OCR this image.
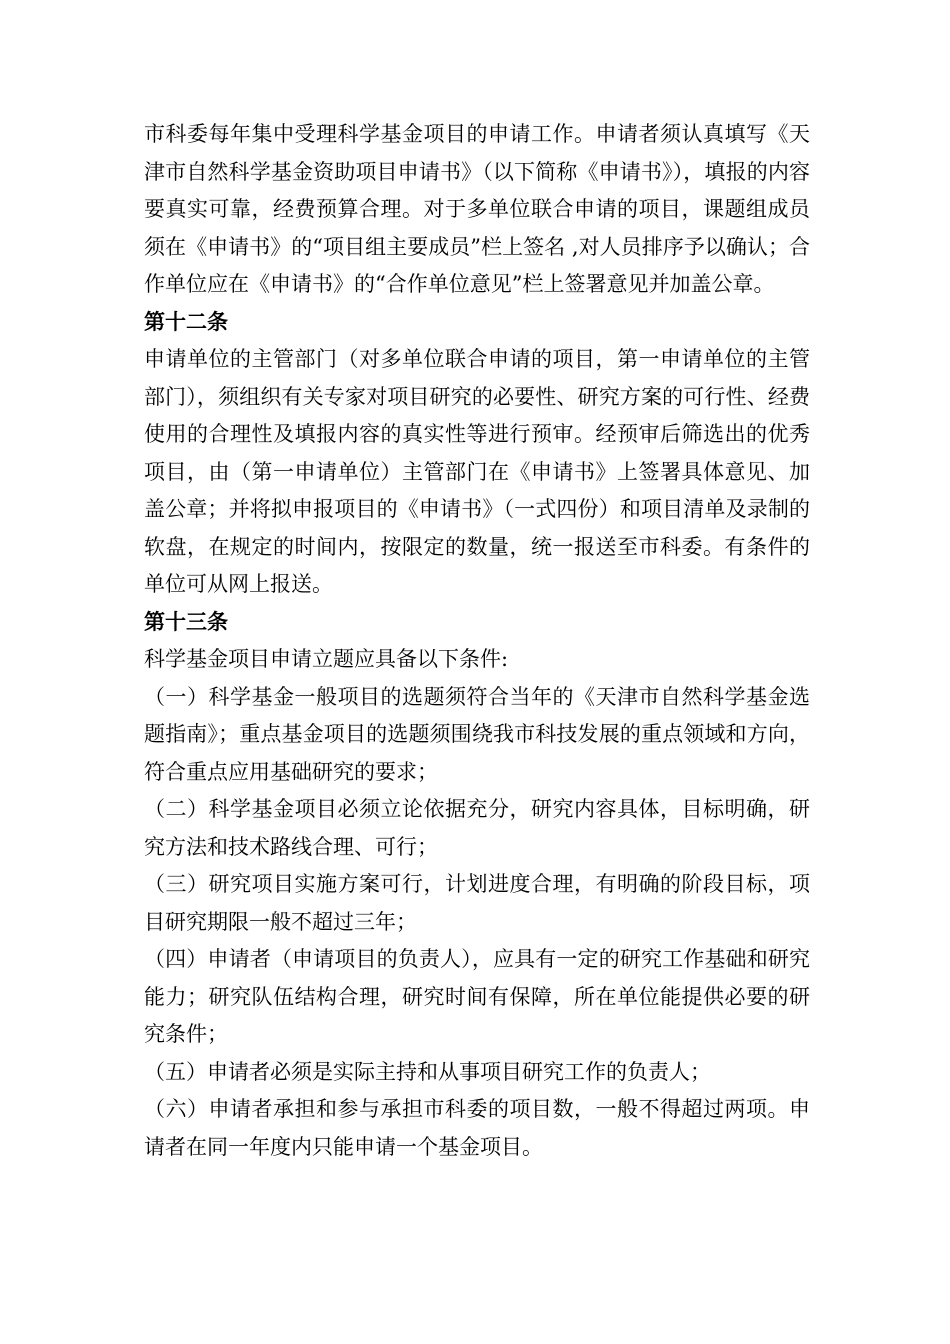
市科委每年集中受理科学基金项目的申请工作。申请者须认真填写《天津市自然科学基金资助项目申请书》（以下简称《申请书》），填报的内容要真实可靠，经费预算合理。对于多单位联合申请的项目，课题组成员须在《申请书》的“项目组主要成员”栏上签名 ,对人员排序予以确认；合作单位应在《申请书》的“合作单位意见”栏上签署意见并加盖公章。

第十二条

申请单位的主管部门（对多单位联合申请的项目，第一申请单位的主管部门），须组织有关专家对项目研究的必要性、研究方案的可行性、经费使用的合理性及填报内容的真实性等进行预审。经预审后筛选出的优秀项目，由（第一申请单位）主管部门在《申请书》上签署具体意见、加盖公章；并将拟申报项目的《申请书》（一式四份）和项目清单及录制的软盘，在规定的时间内，按限定的数量，统一报送至市科委。有条件的单位可从网上报送。

第十三条

科学基金项目申请立题应具备以下条件:

（一）科学基金一般项目的选题须符合当年的《天津市自然科学基金选题指南》；重点基金项目的选题须围绕我市科技发展的重点领域和方向，符合重点应用基础研究的要求；

（二）科学基金项目必须立论依据充分，研究内容具体，目标明确，研究方法和技术路线合理、可行；

（三）研究项目实施方案可行，计划进度合理，有明确的阶段目标，项目研究期限一般不超过三年；

（四）申请者（申请项目的负责人），应具有一定的研究工作基础和研究能力；研究队伍结构合理，研究时间有保障，所在单位能提供必要的研究条件；

（五）申请者必须是实际主持和从事项目研究工作的负责人；

（六）申请者承担和参与承担市科委的项目数，一般不得超过两项。申请者在同一年度内只能申请一个基金项目。
